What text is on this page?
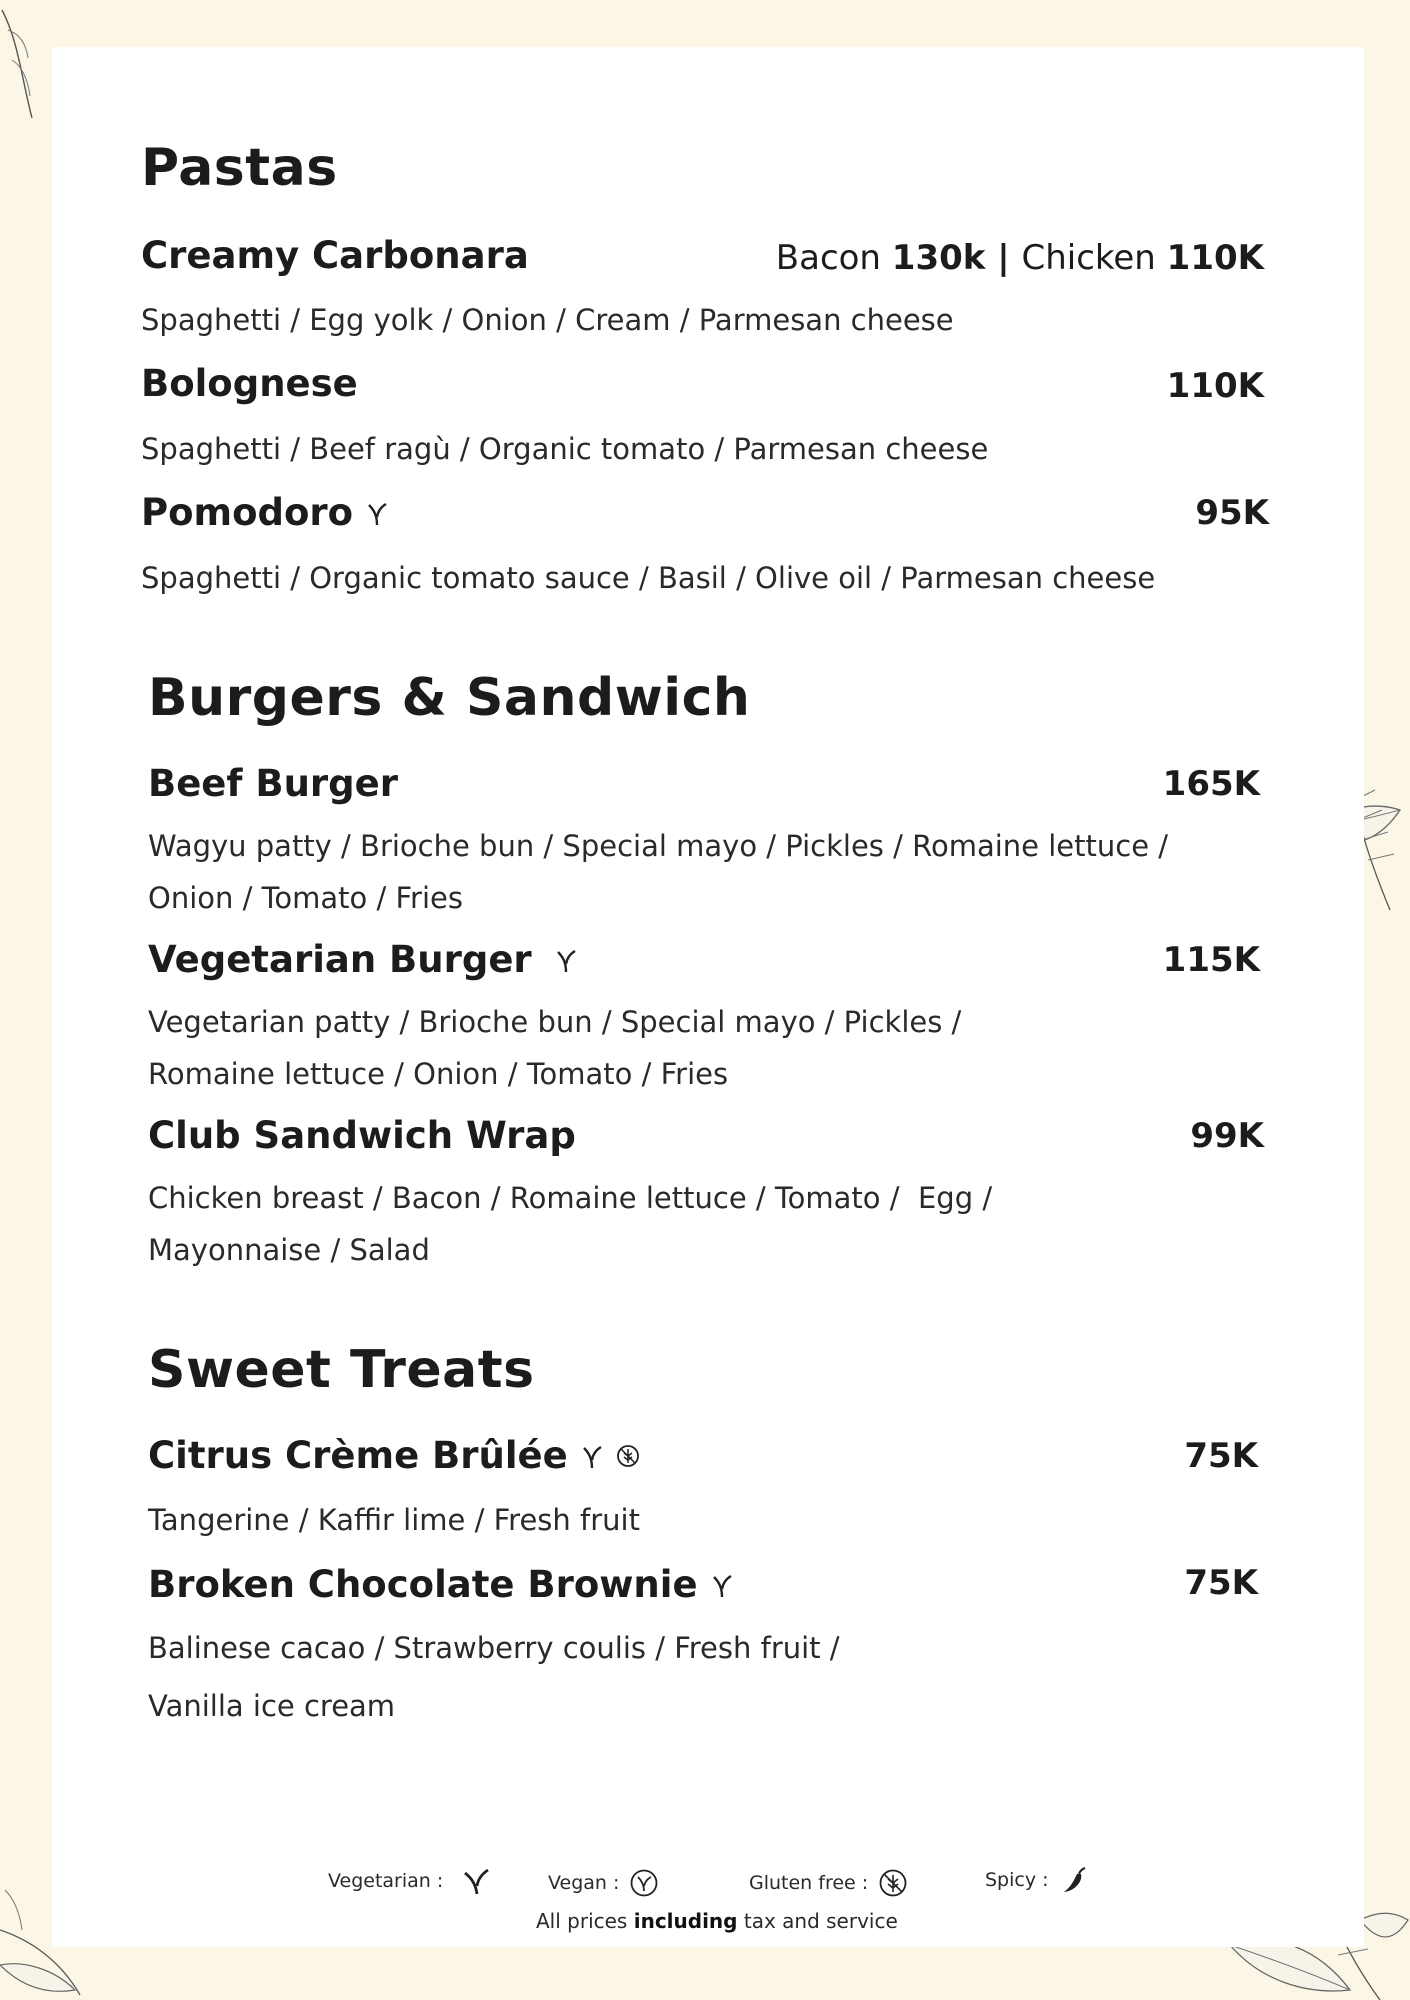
Pastas
Creamy Carbonara	Bacon 130k | Chicken 110K
Spaghetti / Egg yolk / Onion / Cream / Parmesan cheese
Bolognese	110K
Spaghetti / Beef ragù / Organic tomato / Parmesan cheese
Pomodoro	95K
Spaghetti / Organic tomato sauce / Basil / Olive oil / Parmesan cheese
Burgers & Sandwich
Beef Burger	165K
Wagyu patty / Brioche bun / Special mayo / Pickles / Romaine lettuce /
Onion / Tomato / Fries
Vegetarian Burger	115K
Vegetarian patty / Brioche bun / Special mayo / Pickles /
Romaine lettuce / Onion / Tomato / Fries
Club Sandwich Wrap	99K
Chicken breast / Bacon / Romaine lettuce / Tomato /  Egg /
Mayonnaise / Salad
Sweet Treats
Citrus Crème Brûlée	75K
Tangerine / Kaffir lime / Fresh fruit
Broken Chocolate Brownie	75K
Balinese cacao / Strawberry coulis / Fresh fruit /
Vanilla ice cream
Vegetarian :	Vegan :	Gluten free :	Spicy :
All prices including tax and service
